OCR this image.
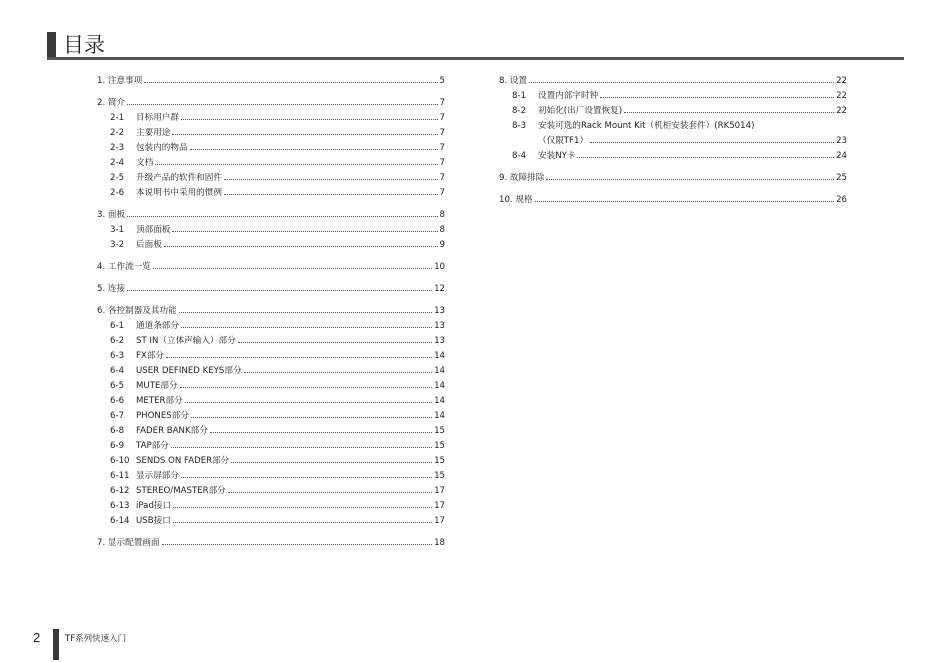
目录
1. 注意事项	5
2. 简介	7
2-1 目标用户群	7
2-2 主要用途	7
2-3 包装内的物品	7
2-4 文档	7
2-5 升级产品的软件和固件	7
2-6 本说明书中采用的惯例	7
3. 面板	8
3-1 顶部面板	8
3-2 后面板	9
4. 工作流一览	10
5. 连接	12
6. 各控制器及其功能	13
6-1 通道条部分	13
6-2 ST IN（立体声输入）部分	13
6-3 FX部分	14
6-4 USER DEFINED KEYS部分	14
6-5 MUTE部分	14
6-6 METER部分	14
6-7 PHONES部分	14
6-8 FADER BANK部分	15
6-9 TAP部分	15
6-10 SENDS ON FADER部分	15
6-11 显示屏部分	15
6-12 STEREO/MASTER部分	17
6-13 iPad接口	17
6-14 USB接口	17
7. 显示配置画面	18
8. 设置	22
8-1 设置内部字时钟	22
8-2 初始化(出厂设置恢复)	22
8-3 安装可选的Rack Mount Kit（机柜安装套件）(RK5014)
（仅限TF1）	23
8-4 安装NY卡	24
9. 故障排除	25
10. 规格	26
2	TF系列快速入门
